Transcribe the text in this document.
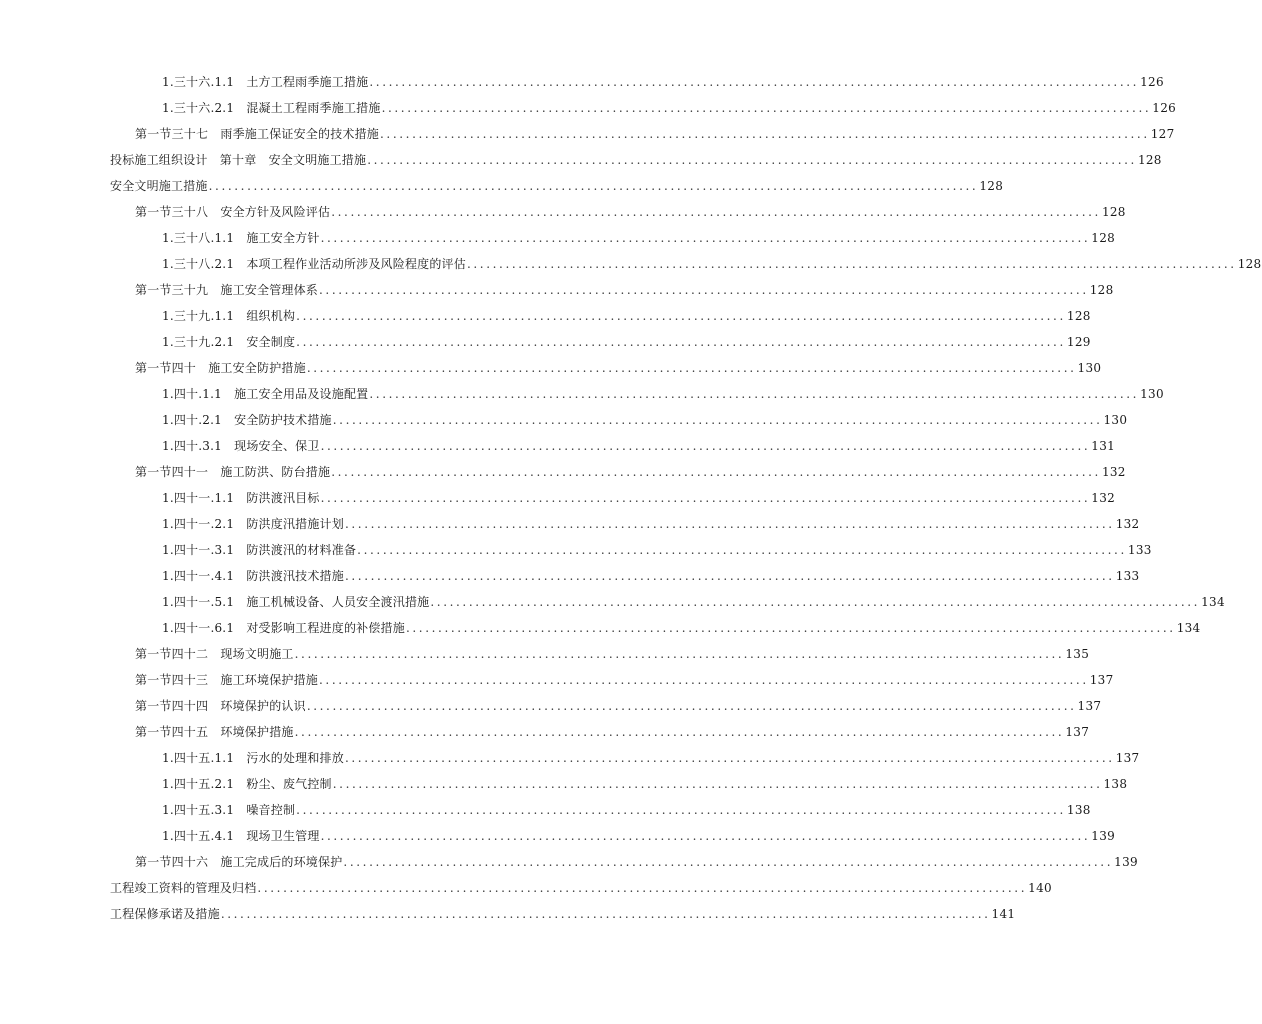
1.三十六.1.1　土方工程雨季施工措施 ........................................................................................................................ 126
1.三十六.2.1　混凝土工程雨季施工措施 ........................................................................................................................ 126
第一节三十七　雨季施工保证安全的技术措施 ........................................................................................................................ 127
投标施工组织设计　第十章　安全文明施工措施 ........................................................................................................................ 128
安全文明施工措施 ........................................................................................................................ 128
第一节三十八　安全方针及风险评估 ........................................................................................................................ 128
1.三十八.1.1　施工安全方针 ........................................................................................................................ 128
1.三十八.2.1　本项工程作业活动所涉及风险程度的评估 ........................................................................................................................ 128
第一节三十九　施工安全管理体系 ........................................................................................................................ 128
1.三十九.1.1　组织机构 ........................................................................................................................ 128
1.三十九.2.1　安全制度 ........................................................................................................................ 129
第一节四十　施工安全防护措施 ........................................................................................................................ 130
1.四十.1.1　施工安全用品及设施配置 ........................................................................................................................ 130
1.四十.2.1　安全防护技术措施 ........................................................................................................................ 130
1.四十.3.1　现场安全、保卫 ........................................................................................................................ 131
第一节四十一　施工防洪、防台措施 ........................................................................................................................ 132
1.四十一.1.1　防洪渡汛目标 ........................................................................................................................ 132
1.四十一.2.1　防洪度汛措施计划 ........................................................................................................................ 132
1.四十一.3.1　防洪渡汛的材料准备 ........................................................................................................................ 133
1.四十一.4.1　防洪渡汛技术措施 ........................................................................................................................ 133
1.四十一.5.1　施工机械设备、人员安全渡汛措施 ........................................................................................................................ 134
1.四十一.6.1　对受影响工程进度的补偿措施 ........................................................................................................................ 134
第一节四十二　现场文明施工 ........................................................................................................................ 135
第一节四十三　施工环境保护措施 ........................................................................................................................ 137
第一节四十四　环境保护的认识 ........................................................................................................................ 137
第一节四十五　环境保护措施 ........................................................................................................................ 137
1.四十五.1.1　污水的处理和排放 ........................................................................................................................ 137
1.四十五.2.1　粉尘、废气控制 ........................................................................................................................ 138
1.四十五.3.1　噪音控制 ........................................................................................................................ 138
1.四十五.4.1　现场卫生管理 ........................................................................................................................ 139
第一节四十六　施工完成后的环境保护 ........................................................................................................................ 139
工程竣工资料的管理及归档 ........................................................................................................................ 140
工程保修承诺及措施 ........................................................................................................................ 141
